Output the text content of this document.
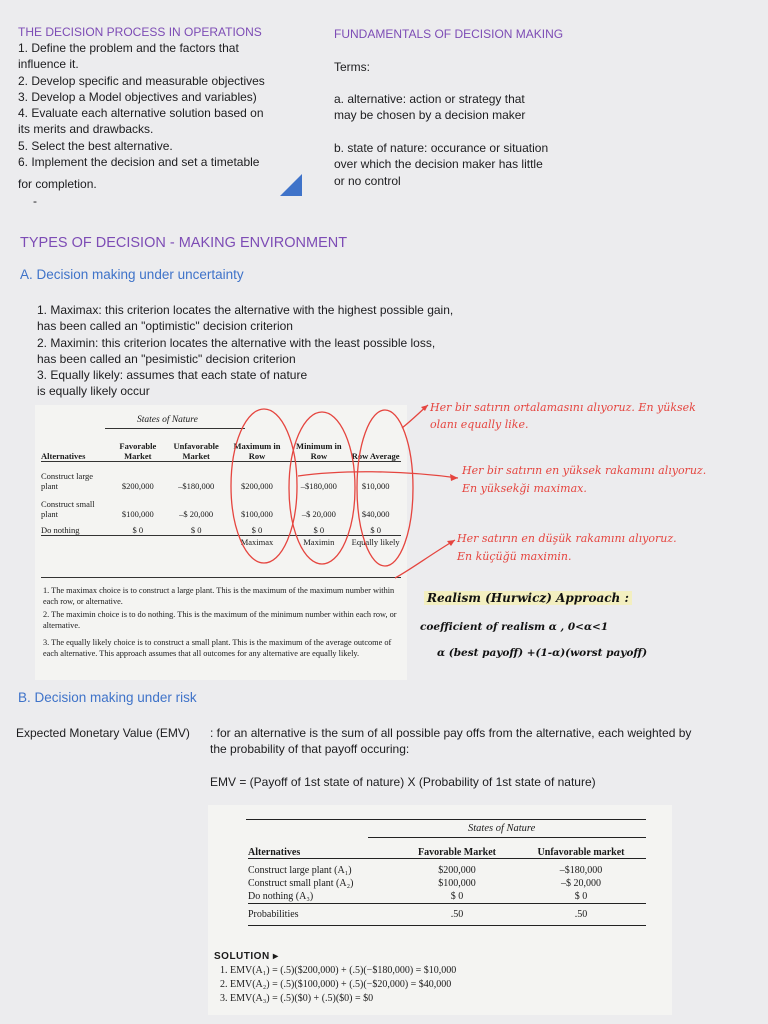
THE DECISION PROCESS IN OPERATIONS
1. Define the problem and the factors that
influence it.
2. Develop specific and measurable objectives
3. Develop a Model objectives and variables)
4. Evaluate each alternative solution based on
its merits and drawbacks.
5. Select the best alternative.
6. Implement the decision and set a timetable
for completion.
-
FUNDAMENTALS OF DECISION MAKING
Terms:
a. alternative: action or strategy that
may be chosen by a decision maker
b. state of nature: occurance or situation
over which the decision maker has little
or no control
TYPES OF DECISION - MAKING ENVIRONMENT
A. Decision making under uncertainty
1. Maximax: this criterion locates the alternative with the highest possible gain,
has been called an "optimistic" decision criterion
2. Maximin: this criterion locates the alternative with the least possible loss,
has been called an "pesimistic" decision criterion
3. Equally likely: assumes that each state of nature
is equally likely occur
States of Nature
Alternatives	Favorable Market	Unfavorable Market	Maximum in Row	Minimum in Row	Row Average

Construct large plant	$200,000	–$180,000	$200,000	–$180,000	$10,000
Construct small plant	$100,000	–$ 20,000	$100,000	–$ 20,000	$40,000
Do nothing	$ 0	$ 0	$ 0	$ 0	$ 0

			Maximax	Maximin	Equally likely
1. The maximax choice is to construct a large plant. This is the maximum of the maximum number within each row, or alternative.
2. The maximin choice is to do nothing. This is the maximum of the minimum number within each row, or alternative.
3. The equally likely choice is to construct a small plant. This is the maximum of the average outcome of each alternative. This approach assumes that all outcomes for any alternative are equally likely.
Her bir satırın ortalamasını alıyoruz. En yüksek
olanı equally like.
Her bir satırın en yüksek rakamını alıyoruz.
En yüksekği maximax.
Her satırın en düşük rakamını alıyoruz.
En küçüğü maximin.
Realism (Hurwicz) Approach :
coefficient of realism α , 0<α<1
α (best payoff) +(1-α)(worst payoff)
B. Decision making under risk
Expected Monetary Value (EMV) : for an alternative is the sum of all possible pay offs from the alternative, each weighted by
the probability of that payoff occuring:
EMV = (Payoff of 1st state of nature) X (Probability of 1st state of nature)
States of Nature
Alternatives	Favorable Market	Unfavorable market

Construct large plant (A₁)	$200,000	–$180,000
Construct small plant (A₂)	$100,000	–$ 20,000
Do nothing (A₃)	$ 0	$ 0

Probabilities	.50	.50

SOLUTION ▸
1. EMV(A₁) = (.5)($200,000) + (.5)(−$180,000) = $10,000
2. EMV(A₂) = (.5)($100,000) + (.5)(−$20,000) = $40,000
3. EMV(A₃) = (.5)($0) + (.5)($0) = $0
